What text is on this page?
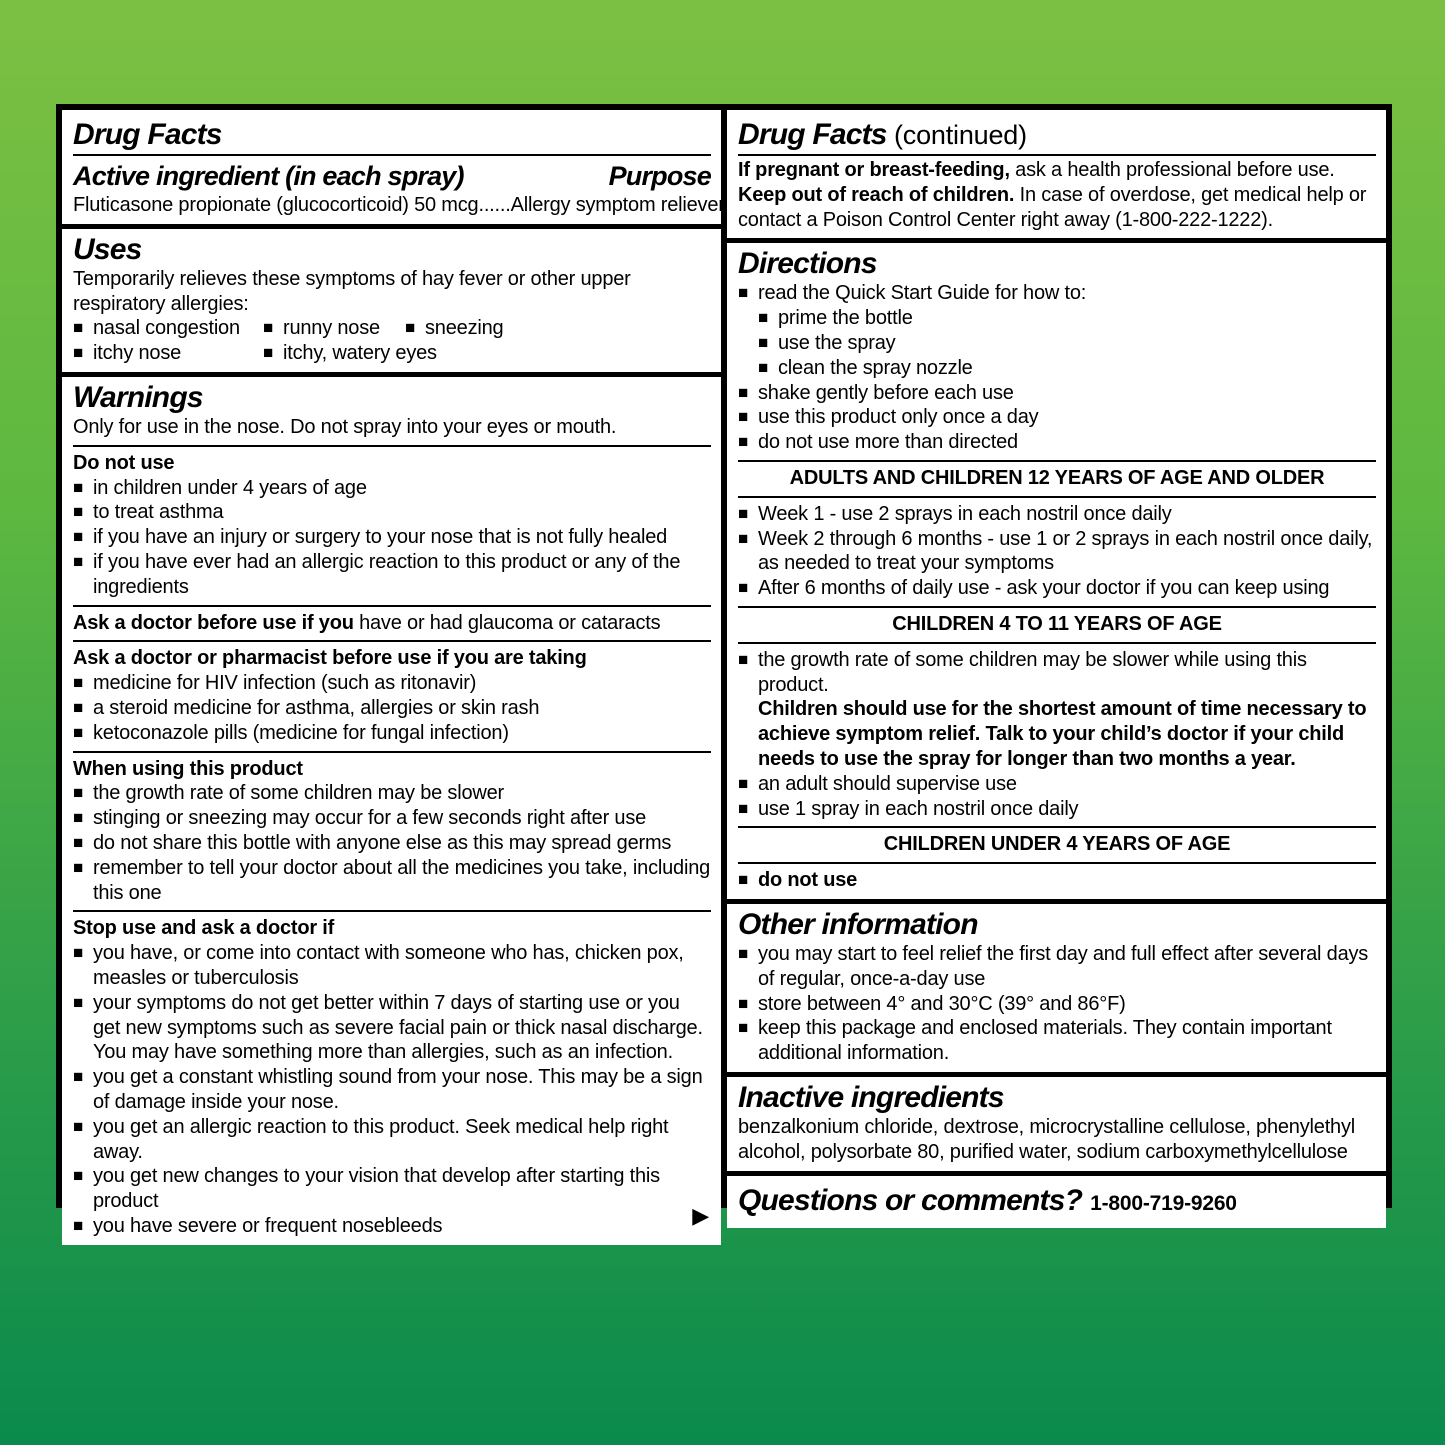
Drug Facts
Active ingredient (in each spray)	Purpose
Fluticasone propionate (glucocorticoid) 50 mcg......Allergy symptom reliever
Uses
Temporarily relieves these symptoms of hay fever or other upper respiratory allergies:
■ nasal congestion	■ runny nose	■ sneezing
■ itchy nose	■ itchy, watery eyes
Warnings
Only for use in the nose. Do not spray into your eyes or mouth.
Do not use
■ in children under 4 years of age
■ to treat asthma
■ if you have an injury or surgery to your nose that is not fully healed
■ if you have ever had an allergic reaction to this product or any of the ingredients
Ask a doctor before use if you have or had glaucoma or cataracts
Ask a doctor or pharmacist before use if you are taking
■ medicine for HIV infection (such as ritonavir)
■ a steroid medicine for asthma, allergies or skin rash
■ ketoconazole pills (medicine for fungal infection)
When using this product
■ the growth rate of some children may be slower
■ stinging or sneezing may occur for a few seconds right after use
■ do not share this bottle with anyone else as this may spread germs
■ remember to tell your doctor about all the medicines you take, including this one
Stop use and ask a doctor if
■ you have, or come into contact with someone who has, chicken pox, measles or tuberculosis
■ your symptoms do not get better within 7 days of starting use or you get new symptoms such as severe facial pain or thick nasal discharge. You may have something more than allergies, such as an infection.
■ you get a constant whistling sound from your nose. This may be a sign of damage inside your nose.
■ you get an allergic reaction to this product. Seek medical help right away.
■ you get new changes to your vision that develop after starting this product
■ you have severe or frequent nosebleeds	▶
Drug Facts (continued)
If pregnant or breast-feeding, ask a health professional before use.
Keep out of reach of children. In case of overdose, get medical help or contact a Poison Control Center right away (1-800-222-1222).
Directions
■ read the Quick Start Guide for how to:
■ prime the bottle
■ use the spray
■ clean the spray nozzle
■ shake gently before each use
■ use this product only once a day
■ do not use more than directed
ADULTS AND CHILDREN 12 YEARS OF AGE AND OLDER
■ Week 1 - use 2 sprays in each nostril once daily
■ Week 2 through 6 months - use 1 or 2 sprays in each nostril once daily, as needed to treat your symptoms
■ After 6 months of daily use - ask your doctor if you can keep using
CHILDREN 4 TO 11 YEARS OF AGE
■ the growth rate of some children may be slower while using this product.
Children should use for the shortest amount of time necessary to achieve symptom relief. Talk to your child’s doctor if your child needs to use the spray for longer than two months a year.
■ an adult should supervise use
■ use 1 spray in each nostril once daily
CHILDREN UNDER 4 YEARS OF AGE
■ do not use
Other information
■ you may start to feel relief the first day and full effect after several days of regular, once-a-day use
■ store between 4° and 30°C (39° and 86°F)
■ keep this package and enclosed materials. They contain important additional information.
Inactive ingredients
benzalkonium chloride, dextrose, microcrystalline cellulose, phenylethyl alcohol, polysorbate 80, purified water, sodium carboxymethylcellulose
Questions or comments? 1-800-719-9260
